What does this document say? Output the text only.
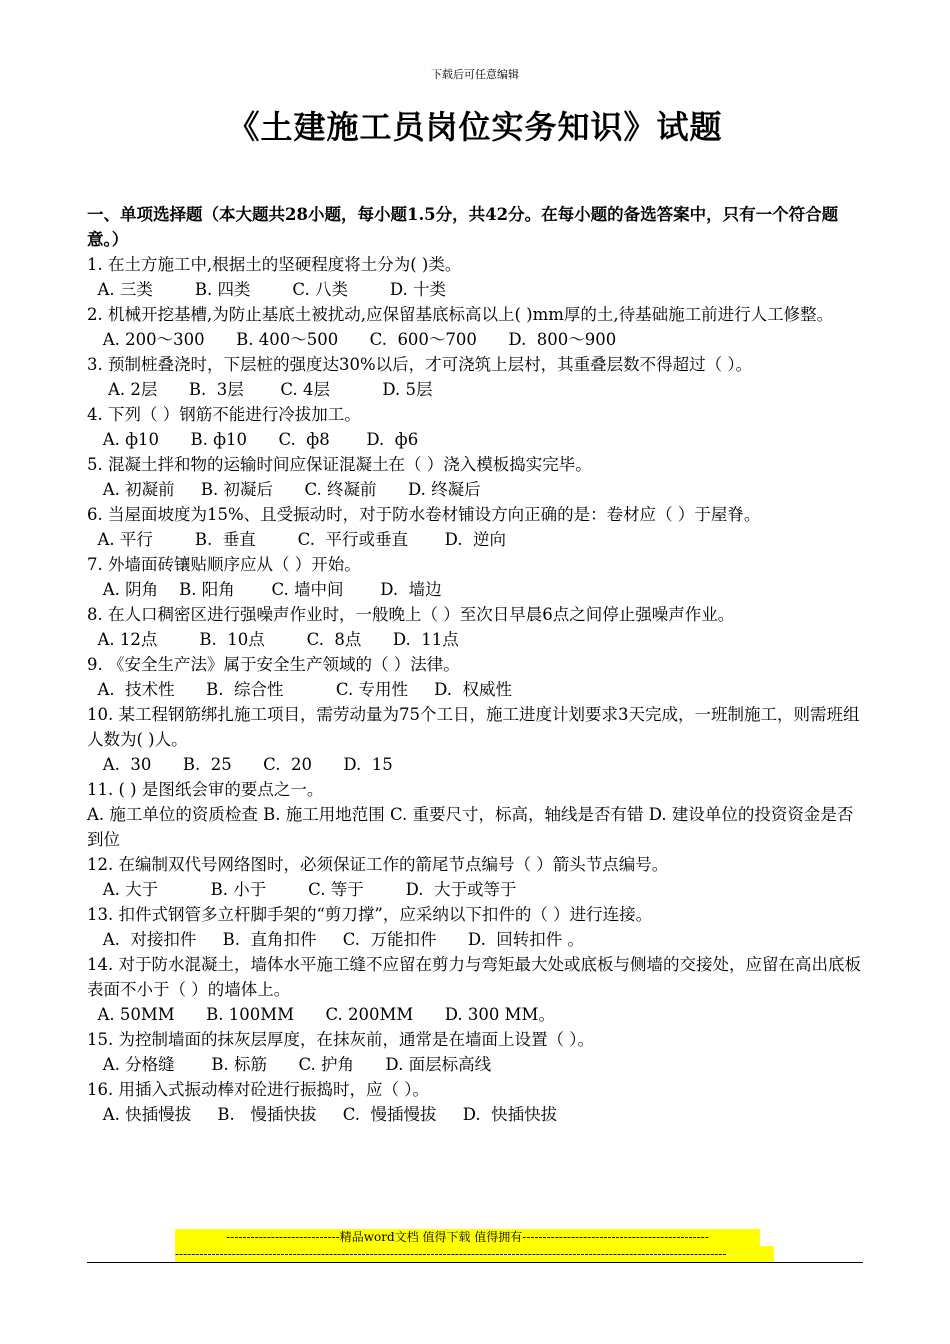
下载后可任意编辑
《土建施工员岗位实务知识》试题

一、单项选择题（本大题共28小题，每小题1.5分，共42分。在每小题的备选答案中，只有一个符合题意。）

1. 在土方施工中,根据土的坚硬程度将土分为( )类。

A. 三类        B. 四类        C. 八类        D. 十类

2. 机械开挖基槽,为防止基底土被扰动,应保留基底标高以上( )mm厚的土,待基础施工前进行人工修整。

A. 200～300      B. 400～500      C.  600～700      D.  800～900

3. 预制桩叠浇时，下层桩的强度达30%以后，才可浇筑上层村，其重叠层数不得超过（ ）。

A. 2层      B.  3层       C. 4层          D. 5层

4. 下列（ ）钢筋不能进行冷拔加工。

A. ф10      B. ф10      C.  ф8       D.  ф6

5. 混凝土拌和物的运输时间应保证混凝土在（ ）浇入模板捣实完毕。

A. 初凝前     B. 初凝后      C. 终凝前      D. 终凝后

6. 当屋面坡度为15%、且受振动时，对于防水卷材铺设方向正确的是：卷材应（ ）于屋脊。

A. 平行        B.  垂直        C.  平行或垂直       D.  逆向

7. 外墙面砖镶贴顺序应从（ ）开始。

A. 阴角    B. 阳角       C. 墙中间       D.  墙边

8. 在人口稠密区进行强噪声作业时，一般晚上（ ）至次日早晨6点之间停止强噪声作业。

A. 12点        B.  10点        C.  8点      D.  11点

9. 《安全生产法》属于安全生产领域的（ ）法律。

A.  技术性      B.  综合性          C. 专用性     D.  权威性

10. 某工程钢筋绑扎施工项目，需劳动量为75个工日，施工进度计划要求3天完成，一班制施工，则需班组人数为( )人。

A.  30      B.  25      C.  20      D.  15

11. ( ) 是图纸会审的要点之一。

A. 施工单位的资质检查 B. 施工用地范围 C. 重要尺寸，标高，轴线是否有错 D. 建设单位的投资资金是否到位

12. 在编制双代号网络图时，必须保证工作的箭尾节点编号（ ）箭头节点编号。

A. 大于          B. 小于        C. 等于        D.  大于或等于

13. 扣件式钢管多立杆脚手架的“剪刀撑”，应采纳以下扣件的（ ）进行连接。

A.  对接扣件     B.  直角扣件     C.  万能扣件      D.  回转扣件 。

14. 对于防水混凝土，墙体水平施工缝不应留在剪力与弯矩最大处或底板与侧墙的交接处，应留在高出底板表面不小于（ ）的墙体上。

A. 50MM      B. 100MM      C. 200MM      D. 300 MM。

15. 为控制墙面的抹灰层厚度，在抹灰前，通常是在墙面上设置（ ）。

A. 分格缝       B. 标筋      C. 护角      D. 面层标高线

16. 用插入式振动棒对砼进行振捣时，应（ ）。

A. 快插慢拔     B.   慢插快拔     C.  慢插慢拔     D.  快插快拔

----------------------------精品word文档 值得下载 值得拥有----------------------------------------------
----------------------------------------------------------------------------------------------------------------------------------------
